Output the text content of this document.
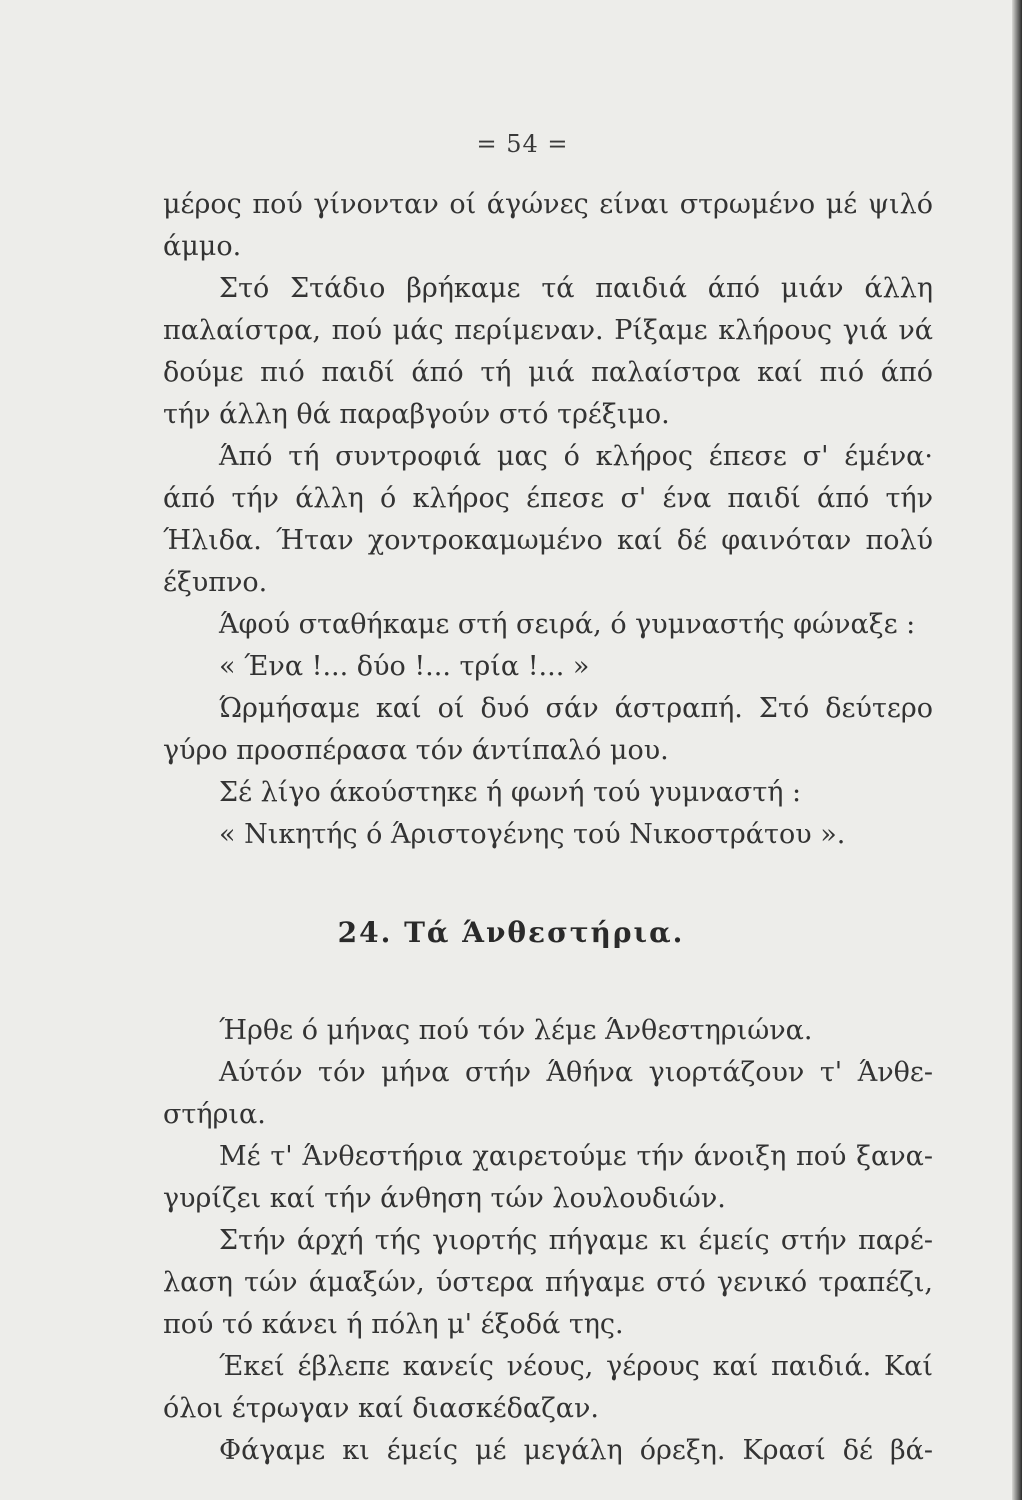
= 54 =
μέρος πού γίνονταν οί άγώνες είναι στρωμένο μέ ψιλό
άμμο.
Στό Στάδιο βρήκαμε τά παιδιά άπό μιάν άλλη
παλαίστρα, πού μάς περίμεναν. Ρίξαμε κλήρους γιά νά
δούμε πιό παιδί άπό τή μιά παλαίστρα καί πιό άπό
τήν άλλη θά παραβγούν στό τρέξιμο.
Άπό τή συντροφιά μας ό κλήρος έπεσε σ' έμένα·
άπό τήν άλλη ό κλήρος έπεσε σ' ένα παιδί άπό τήν
Ήλιδα. Ήταν χοντροκαμωμένο καί δέ φαινόταν πολύ
έξυπνο.
Άφού σταθήκαμε στή σειρά, ό γυμναστής φώναξε :
« Ένα !... δύο !... τρία !... »
Ώρμήσαμε καί οί δυό σάν άστραπή. Στό δεύτερο
γύρο προσπέρασα τόν άντίπαλό μου.
Σέ λίγο άκούστηκε ή φωνή τού γυμναστή :
« Νικητής ό Άριστογένης τού Νικοστράτου ».
24. Τά Άνθεστήρια.
Ήρθε ό μήνας πού τόν λέμε Άνθεστηριώνα.
Αύτόν τόν μήνα στήν Άθήνα γιορτάζουν τ' Άνθε-
στήρια.
Μέ τ' Άνθεστήρια χαιρετούμε τήν άνοιξη πού ξανα-
γυρίζει καί τήν άνθηση τών λουλουδιών.
Στήν άρχή τής γιορτής πήγαμε κι έμείς στήν παρέ-
λαση τών άμαξών, ύστερα πήγαμε στό γενικό τραπέζι,
πού τό κάνει ή πόλη μ' έξοδά της.
Έκεί έβλεπε κανείς νέους, γέρους καί παιδιά. Καί
όλοι έτρωγαν καί διασκέδαζαν.
Φάγαμε κι έμείς μέ μεγάλη όρεξη. Κρασί δέ βά-
